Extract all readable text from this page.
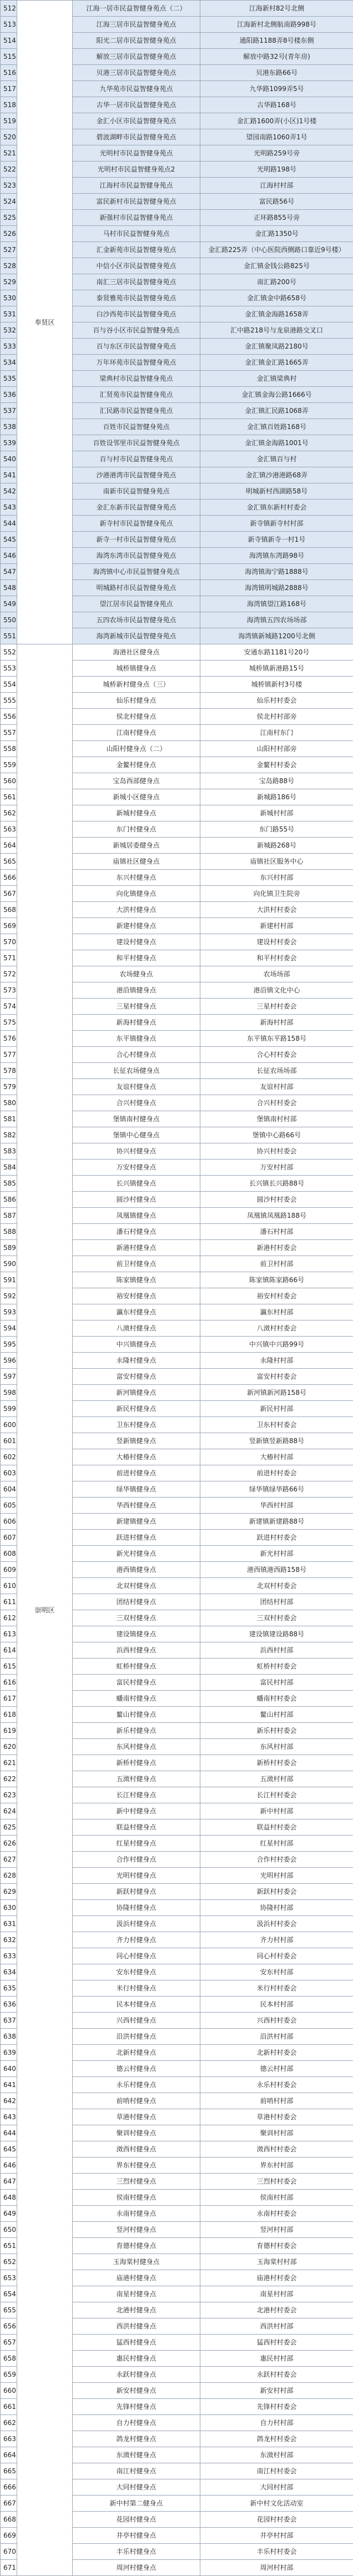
512	奉贤区	江海一居市民益智健身苑点（二）	江海新村82号北侧
513		江海三居市民益智健身苑点	江海新村北侧航南路998号
514		阳光二居市民益智健身苑点	通阳路1188弄8号楼东侧
515		解放三居市民益智健身苑点	解放中路32号(青年房)
516		贝港三居市民益智健身苑点	贝港东路66号
517		九华苑市民益智健身苑点	九华路1099弄5号
518		古华一居市民益智健身苑点	古华路168号
519		金汇小区市民益智健身苑点	金汇路1600弄(小区)1号楼
520		碧波湖畔市民益智健身苑点	望园南路1060弄1号
521		光明村市民益智健身苑点	光明路259号旁
522		光明村市民益智健身苑点2	光明路198号
523		江海村市民益智健身苑点	江海村村部
524		富民新村市民益智健身苑点	富民路56号
525		新强村市民益智健身苑点	正环路855号旁
526		马村市民益智健身苑点	金汇路1350号
527		汇金新苑市民益智健身苑点	金汇路225弄（中心医院西侧路口靠近9号楼）
528		中信小区市民益智健身苑点	金汇镇金钱公路825号
529		南汇三居市民益智健身苑点	南汇路200号
530		泰贤雅苑市民益智健身苑点	金汇镇金中路658号
531		白沙西苑市民益智健身苑点	金汇镇金海路1658弄
532		百与谷小区市民益智健身苑点	汇中路218号与龙泉港路交叉口
533		百与东区市民益智健身苑点	金汇镇聚凤路2180号
534		万年环苑市民益智健身苑点	金汇镇金汇路1665弄
535		梁典村市民益智健身苑点	金汇镇梁典村
536		汇贤苑市民益智健身苑点	金汇镇金海公路1666号
537		汇民路市民益智健身苑点	金汇镇汇民路1068弄
538		百姓市民益智健身苑点	金汇镇百姓路168号
539		百姓设邻里市民益智健身苑点	金汇镇金海路1001号
540		百与村市民益智健身苑点	金汇镇百与村
541		沙港港湾市民益智健身苑点	金汇镇沙港港路68弄
542		南新市民益智健身苑点	明城新村西湖路58号
543		金汇东新市民益智健身苑点	金汇镇东新村村委会
544		新寺村市民益智健身苑点	新寺镇新寺村村部
545		新寺一村市民益智健身苑点	新寺镇新寺一村1号
546		海湾东湾市民益智健身苑点	海湾镇东湾路98号
547		海湾镇中心市民益智健身苑点	海湾镇海宁路1888号
548		明城路村市民益智健身苑点	海湾镇明城路2888号
549		望江居市民益智健身苑点	海湾镇望江路168号
550		五四农场市民益智健身苑点	海湾镇五四农场场部
551		海湾新城市民益智健身苑点	海湾镇新城路1200号北侧
552	崇明区	海港社区健身点	安通东路1181号20号
553		城桥镇健身点	城桥镇新港路15号
554		城桥新村健身点（三）	城桥镇新村3号楼
555		仙乐村健身点	仙乐村村委会
556		侯北村健身点	侯北村村部旁
557		江南村健身点	江南村东门
558		山阳村健身点（二）	山阳村村部旁
559		金鳌村健身点	金鳌村村委会
560		宝岛西部健身点	宝岛路88号
561		新城小区健身点	新城路186号
562		新城村健身点	新城村村部
563		东门村健身点	东门路55号
564		新城居委健身点	新城路268号
565		庙镇社区健身点	庙镇社区服务中心
566		东兴村健身点	东兴村村部
567		向化镇健身点	向化镇卫生院旁
568		大洪村健身点	大洪村村委会
569		新建村健身点	新建村村部
570		建设村健身点	建设村村委会
571		和平村健身点	和平村村委会
572		农场健身点	农场场部
573		港沿镇健身点	港沿镇文化中心
574		三星村健身点	三星村村委会
575		新海村健身点	新海村村部
576		东平镇健身点	东平镇东平路158号
577		合心村健身点	合心村村委会
578		长征农场健身点	长征农场场部
579		友谊村健身点	友谊村村部
580		合兴村健身点	合兴村村委会
581		堡镇南村健身点	堡镇南村村部
582		堡镇中心健身点	堡镇中心路66号
583		协兴村健身点	协兴村村委会
584		万安村健身点	万安村村部
585		长兴镇健身点	长兴镇长兴路88号
586		圆沙村健身点	圆沙村村委会
587		凤凰镇健身点	凤凰镇凤凰路188号
588		潘石村健身点	潘石村村部
589		新港村健身点	新港村村委会
590		前卫村健身点	前卫村村部
591		陈家镇健身点	陈家镇陈家路66号
592		裕安村健身点	裕安村村委会
593		瀛东村健身点	瀛东村村部
594		八滧村健身点	八滧村村委会
595		中兴镇健身点	中兴镇中兴路99号
596		永隆村健身点	永隆村村部
597		富安村健身点	富安村村委会
598		新河镇健身点	新河镇新河路158号
599		新民村健身点	新民村村部
600		卫东村健身点	卫东村村委会
601		竖新镇健身点	竖新镇竖新路88号
602		大椿村健身点	大椿村村部
603		前进村健身点	前进村村委会
604		绿华镇健身点	绿华镇绿华路66号
605		华西村健身点	华西村村部
606		新建镇健身点	新建镇新建路88号
607		跃进村健身点	跃进村村委会
608		新光村健身点	新光村村部
609		港西镇健身点	港西镇港西路158号
610		北双村健身点	北双村村委会
611		团结村健身点	团结村村部
612		三双村健身点	三双村村委会
613		建设镇健身点	建设镇建设路88号
614		浜西村健身点	浜西村村部
615		虹桥村健身点	虹桥村村委会
616		富民村健身点	富民村村部
617		蟠南村健身点	蟠南村村委会
618		鳌山村健身点	鳌山村村部
619		新乐村健身点	新乐村村委会
620		东风村健身点	东风村村部
621		新桥村健身点	新桥村村委会
622		五滧村健身点	五滧村村部
623		长江村健身点	长江村村委会
624		新中村健身点	新中村村部
625		联益村健身点	联益村村委会
626		红星村健身点	红星村村部
627		合作村健身点	合作村村委会
628		光明村健身点	光明村村部
629		新跃村健身点	新跃村村委会
630		协隆村健身点	协隆村村部
631		汲浜村健身点	汲浜村村委会
632		齐力村健身点	齐力村村部
633		同心村健身点	同心村村委会
634		安东村健身点	安东村村部
635		米行村健身点	米行村村委会
636		民本村健身点	民本村村部
637		兴西村健身点	兴西村村委会
638		沿洪村健身点	沿洪村村部
639		北新村健身点	北新村村委会
640		德云村健身点	德云村村部
641		永乐村健身点	永乐村村委会
642		前哨村健身点	前哨村村部
643		草港村健身点	草港村村委会
644		聚训村健身点	聚训村村部
645		滧西村健身点	滧西村村委会
646		界东村健身点	界东村村部
647		三烈村健身点	三烈村村委会
648		侯南村健身点	侯南村村部
649		永南村健身点	永南村村委会
650		竖河村健身点	竖河村村部
651		育德村健身点	育德村村委会
652		玉海棠村健身点	玉海棠村村部
653		庙港村健身点	庙港村村委会
654		南星村健身点	南星村村部
655		北港村健身点	北港村村委会
656		西洪村健身点	西洪村村部
657		猛西村健身点	猛西村村委会
658		惠民村健身点	惠民村村部
659		永跃村健身点	永跃村村委会
660		新安村健身点	新安村村部
661		先锋村健身点	先锋村村委会
662		自力村健身点	自力村村部
663		鸽龙村健身点	鸽龙村村委会
664		东滧村健身点	东滧村村部
665		南江村健身点	南江村村委会
666		大同村健身点	大同村村部
667		新中村第二健身点	新中村文化活动室
668		花园村健身点	花园村村委会
669		井亭村健身点	井亭村村部
670		丰乐村健身点	丰乐村村委会
671		周河村健身点	周河村村部
